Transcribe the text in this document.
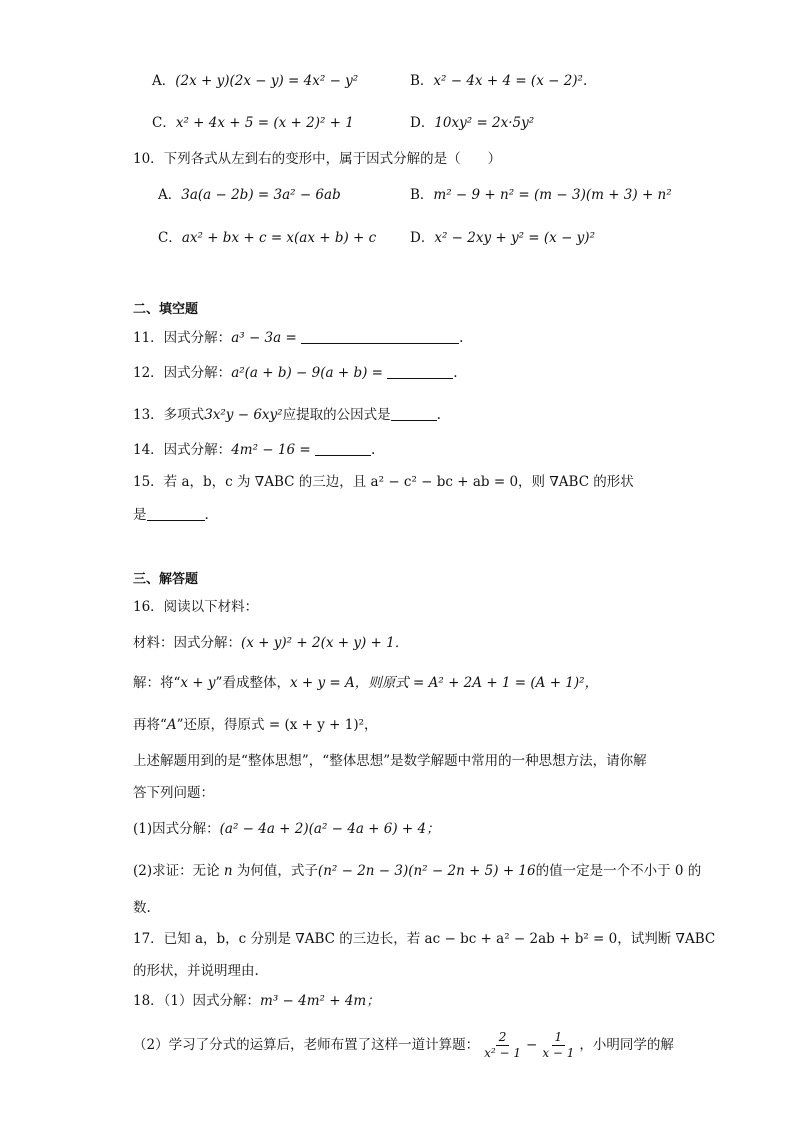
A．(2x + y)(2x − y) = 4x² − y²	B．x² − 4x + 4 = (x − 2)².
C．x² + 4x + 5 = (x + 2)² + 1	D．10xy² = 2x·5y²
10．下列各式从左到右的变形中，属于因式分解的是（　　）
A．3a(a − 2b) = 3a² − 6ab	B．m² − 9 + n² = (m − 3)(m + 3) + n²
C．ax² + bx + c = x(ax + b) + c	D．x² − 2xy + y² = (x − y)²
二、填空题
11．因式分解：a³ − 3a =	.
12．因式分解：a²(a + b) − 9(a + b) =	.
13．多项式3x²y − 6xy²应提取的公因式是	.
14．因式分解：4m² − 16 =	.
15．若 a，b，c 为 ∇ABC 的三边，且 a² − c² − bc + ab = 0，则 ∇ABC 的形状
是	.
三、解答题
16．阅读以下材料：
材料：因式分解：(x + y)² + 2(x + y) + 1．
解：将“x + y”看成整体，x + y = A，则原式 = A² + 2A + 1 = (A + 1)²，
再将“A”还原，得原式 = (x + y + 1)²，
上述解题用到的是“整体思想”，“整体思想”是数学解题中常用的一种思想方法，请你解
答下列问题：
(1)因式分解：(a² − 4a + 2)(a² − 4a + 6) + 4；
(2)求证：无论 n 为何值，式子(n² − 2n − 3)(n² − 2n + 5) + 16的值一定是一个不小于 0 的
数.
17．已知 a，b，c 分别是 ∇ABC 的三边长，若 ac − bc + a² − 2ab + b² = 0，试判断 ∇ABC
的形状，并说明理由.
18．（1）因式分解：m³ − 4m² + 4m；
（2）学习了分式的运算后，老师布置了这样一道计算题： $\frac{2}{\text{x² − 1}} - \frac{1}{x - 1}$ ，小明同学的解
